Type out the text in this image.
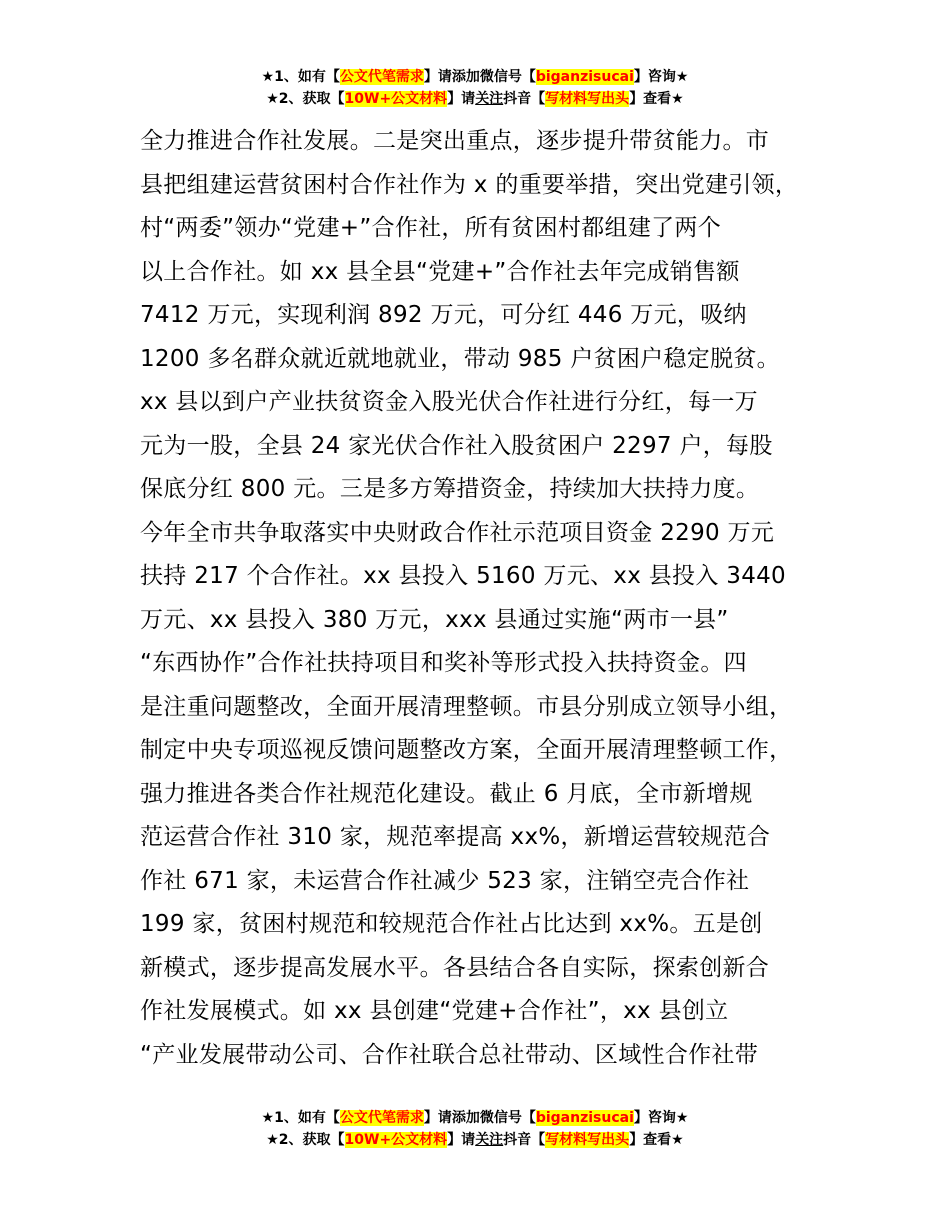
★1、如有【公文代笔需求】请添加微信号【biganzisucai】咨询★
★2、获取【10W+公文材料】请关注抖音【写材料写出头】查看★
全力推进合作社发展。二是突出重点，逐步提升带贫能力。市
县把组建运营贫困村合作社作为 x 的重要举措，突出党建引领，
村“两委”领办“党建+”合作社，所有贫困村都组建了两个
以上合作社。如 xx 县全县“党建+”合作社去年完成销售额
7412 万元，实现利润 892 万元，可分红 446 万元，吸纳
1200 多名群众就近就地就业，带动 985 户贫困户稳定脱贫。
xx 县以到户产业扶贫资金入股光伏合作社进行分红，每一万
元为一股，全县 24 家光伏合作社入股贫困户 2297 户，每股
保底分红 800 元。三是多方筹措资金，持续加大扶持力度。
今年全市共争取落实中央财政合作社示范项目资金 2290 万元
扶持 217 个合作社。xx 县投入 5160 万元、xx 县投入 3440
万元、xx 县投入 380 万元，xxx 县通过实施“两市一县”
“东西协作”合作社扶持项目和奖补等形式投入扶持资金。四
是注重问题整改，全面开展清理整顿。市县分别成立领导小组，
制定中央专项巡视反馈问题整改方案，全面开展清理整顿工作，
强力推进各类合作社规范化建设。截止 6 月底，全市新增规
范运营合作社 310 家，规范率提高 xx%，新增运营较规范合
作社 671 家，未运营合作社减少 523 家，注销空壳合作社
199 家，贫困村规范和较规范合作社占比达到 xx%。五是创
新模式，逐步提高发展水平。各县结合各自实际，探索创新合
作社发展模式。如 xx 县创建“党建+合作社”，xx 县创立
“产业发展带动公司、合作社联合总社带动、区域性合作社带
★1、如有【公文代笔需求】请添加微信号【biganzisucai】咨询★
★2、获取【10W+公文材料】请关注抖音【写材料写出头】查看★
